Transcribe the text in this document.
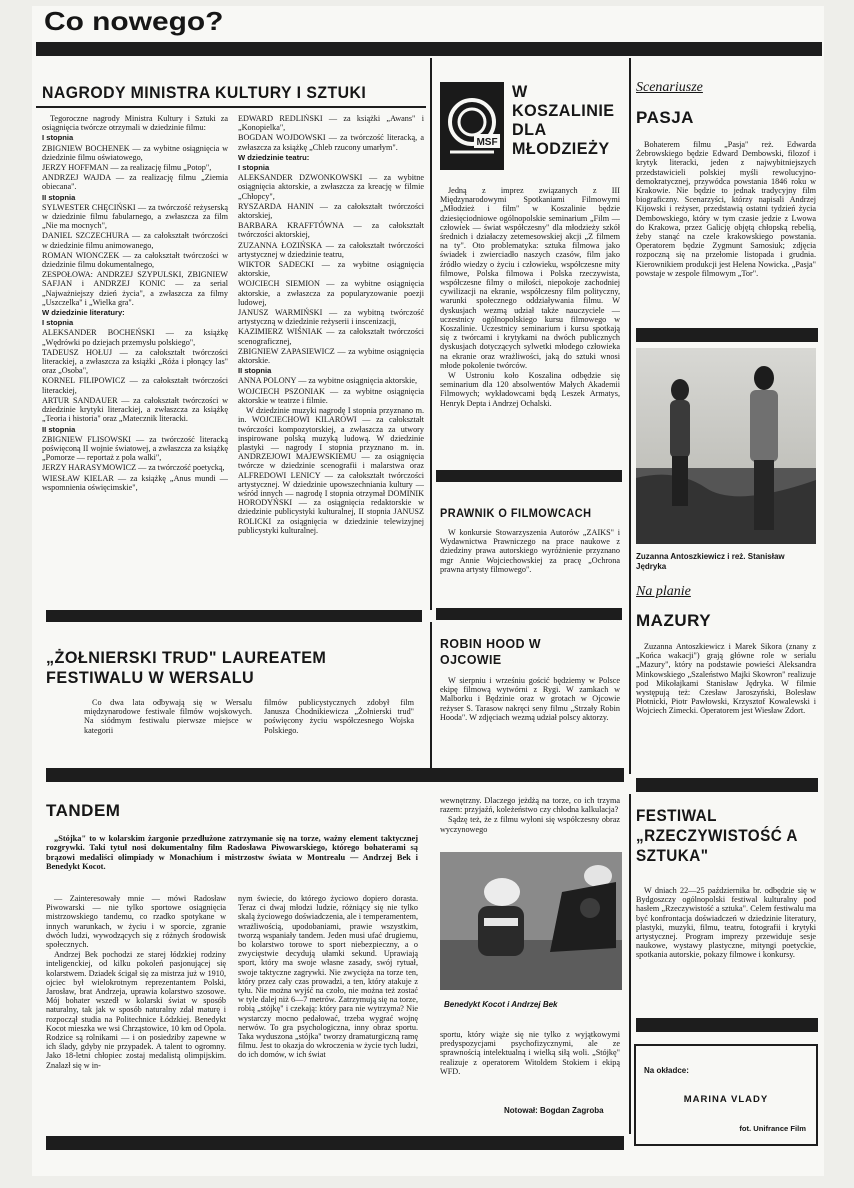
Co nowego?
NAGRODY MINISTRA KULTURY I SZTUKI

Tegoroczne nagrody Ministra Kultury i Sztuki za osiągnięcia twórcze otrzymali w dziedzinie filmu:

I stopnia

ZBIGNIEW BOCHENEK — za wybitne osiągnięcia w dziedzinie filmu oświatowego,

JERZY HOFFMAN — za realizację filmu „Potop",

ANDRZEJ WAJDA — za realizację filmu „Ziemia obiecana".

II stopnia

SYLWESTER CHĘCIŃSKI — za twórczość reżyserską w dziedzinie filmu fabularnego, a zwłaszcza za film „Nie ma mocnych",

DANIEL SZCZECHURA — za całokształt twórczości w dziedzinie filmu animowanego,

ROMAN WIONCZEK — za całokształt twórczości w dziedzinie filmu dokumentalnego,

ZESPOŁOWA: ANDRZEJ SZYPULSKI, ZBIGNIEW SAFJAN i ANDRZEJ KONIC — za serial „Najważniejszy dzień życia", a zwłaszcza za filmy „Uszczelka" i „Wielka gra".

W dziedzinie literatury:

I stopnia

ALEKSANDER BOCHEŃSKI — za książkę „Wędrówki po dziejach przemysłu polskiego",

TADEUSZ HOŁUJ — za całokształt twórczości literackiej, a zwłaszcza za książki „Róża i płonący las" oraz „Osoba",

KORNEL FILIPOWICZ — za całokształt twórczości literackiej,

ARTUR SANDAUER — za całokształt twórczości w dziedzinie krytyki literackiej, a zwłaszcza za książkę „Teoria i historia" oraz „Matecznik literacki.

II stopnia

ZBIGNIEW FLISOWSKI — za twórczość literacką poświęconą II wojnie światowej, a zwłaszcza za książkę „Pomorze — reportaż z pola walki",

JERZY HARASYMOWICZ — za twórczość poetycką,

WIESŁAW KIELAR — za książkę „Anus mundi — wspomnienia oświęcimskie",

EDWARD REDLIŃSKI — za książki „Awans" i „Konopielka",

BOGDAN WOJDOWSKI — za twórczość literacką, a zwłaszcza za książkę „Chleb rzucony umarłym".

W dziedzinie teatru:

I stopnia

ALEKSANDER DZWONKOWSKI — za wybitne osiągnięcia aktorskie, a zwłaszcza za kreację w filmie „Chłopcy",

RYSZARDA HANIN — za całokształt twórczości aktorskiej,

BARBARA KRAFFTÓWNA — za całokształt twórczości aktorskiej,

ZUZANNA ŁOZIŃSKA — za całokształt twórczości artystycznej w dziedzinie teatru,

WIKTOR SADECKI — za wybitne osiągnięcia aktorskie,

WOJCIECH SIEMION — za wybitne osiągnięcia aktorskie, a zwłaszcza za popularyzowanie poezji ludowej,

JANUSZ WARMIŃSKI — za wybitną twórczość artystyczną w dziedzinie reżyserii i inscenizacji,

KAZIMIERZ WIŚNIAK — za całokształt twórczości scenograficznej,

ZBIGNIEW ZAPASIEWICZ — za wybitne osiągnięcia aktorskie.

II stopnia

ANNA POLONY — za wybitne osiągnięcia aktorskie,

WOJCIECH PSZONIAK — za wybitne osiągnięcia aktorskie w teatrze i filmie.

W dziedzinie muzyki nagrodę I stopnia przyznano m. in. WOJCIECHOWI KILAROWI — za całokształt twórczości kompozytorskiej, a zwłaszcza za utwory inspirowane polską muzyką ludową. W dziedzinie plastyki — nagrody I stopnia przyznano m. in. ANDRZEJOWI MAJEWSKIEMU — za osiągnięcia twórcze w dziedzinie scenografii i malarstwa oraz ALFREDOWI LENICY — za całokształt twórczości artystycznej. W dziedzinie upowszechniania kultury — wśród innych — nagrodę I stopnia otrzymał DOMINIK HORODYŃSKI — za osiągnięcia redaktorskie w dziedzinie publicystyki kulturalnej, II stopnia JANUSZ ROLICKI za osiągnięcia w dziedzinie telewizyjnej publicystyki kulturalnej.

MSF
W KOSZALINIE DLA MŁODZIEŻY

Jedną z imprez związanych z III Międzynarodowymi Spotkaniami Filmowymi „Młodzież i film" w Koszalinie będzie dziesięciodniowe ogólnopolskie seminarium „Film — człowiek — świat współczesny" dla młodzieży szkół średnich i działaczy zetemesowskiej akcji „Z filmem na ty". Oto problematyka: sztuka filmowa jako świadek i zwierciadło naszych czasów, film jako źródło wiedzy o życiu i człowieku, współczesne mity filmowe, Polska filmowa i Polska rzeczywista, współczesne filmy o miłości, niepokoje zachodniej cywilizacji na ekranie, współczesny film polityczny, warunki społecznego oddziaływania filmu. W dyskusjach wezmą udział także nauczyciele — uczestnicy ogólnopolskiego kursu filmowego w Koszalinie. Uczestnicy seminarium i kursu spotkają się z twórcami i krytykami na dwóch publicznych dyskusjach dotyczących sylwetki młodego człowieka na ekranie oraz wrażliwości, jaką do sztuki wnosi młode pokolenie twórców.

W Ustroniu koło Koszalina odbędzie się seminarium dla 120 absolwentów Małych Akademii Filmowych; wykładowcami będą Leszek Armatys, Henryk Depta i Andrzej Ochalski.

PRAWNIK O FILMOWCACH

W konkursie Stowarzyszenia Autorów „ZAIKS" i Wydawnictwa Prawniczego na prace naukowe z dziedziny prawa autorskiego wyróżnienie przyznano mgr Annie Wojciechowskiej za pracę „Ochrona prawna artysty filmowego".

Scenariusze
PASJA

Bohaterem filmu „Pasja" reż. Edwarda Żebrowskiego będzie Edward Dembowski, filozof i krytyk literacki, jeden z najwybitniejszych przedstawicieli polskiej myśli rewolucyjno-demokratycznej, przywódca powstania 1846 roku w Krakowie. Nie będzie to jednak tradycyjny film biograficzny. Scenarzyści, którzy napisali Andrzej Kijowski i reżyser, przedstawią ostatni tydzień życia Dembowskiego, który w tym czasie jedzie z Lwowa do Krakowa, przez Galicję objętą chłopską rebelią, żeby stanąć na czele krakowskiego powstania. Operatorem będzie Zygmunt Samosiuk; zdjęcia rozpoczną się na przełomie listopada i grudnia. Kierownikiem produkcji jest Helena Nowicka. „Pasja" powstaje w zespole filmowym „Tor".

Zuzanna Antoszkiewicz i reż. Stanisław Jędryka
Na planie
MAZURY

Zuzanna Antoszkiewicz i Marek Sikora (znany z „Końca wakacji") grają główne role w serialu „Mazury", który na podstawie powieści Aleksandra Minkowskiego „Szaleństwo Majki Skowron" realizuje pod Mikołajkami Stanisław Jędryka. W filmie występują też: Czesław Jaroszyński, Bolesław Płotnicki, Piotr Pawłowski, Krzysztof Kowalewski i Wojciech Zimecki. Operatorem jest Wiesław Zdort.

„ŻOŁNIERSKI TRUD" LAUREATEM FESTIWALU W WERSALU

Co dwa lata odbywają się w Wersalu międzynarodowe festiwale filmów wojskowych. Na siódmym festiwalu pierwsze miejsce w kategorii

filmów publicystycznych zdobył film Janusza Chodnikiewicza „Żołnierski trud" poświęcony życiu współczesnego Wojska Polskiego.

ROBIN HOOD W OJCOWIE

W sierpniu i wrześniu gościć będziemy w Polsce ekipę filmową wytwórni z Rygi. W zamkach w Malborku i Będzinie oraz w grotach w Ojcowie reżyser S. Tarasow nakręci seny filmu „Strzały Robin Hooda". W zdjęciach wezmą udział polscy aktorzy.

TANDEM

„Stójka" to w kolarskim żargonie przedłużone zatrzymanie się na torze, ważny element taktycznej rozgrywki. Taki tytuł nosi dokumentalny film Radosława Piwowarskiego, którego bohaterami są brązowi medaliści olimpiady w Monachium i mistrzostw świata w Montrealu — Andrzej Bek i Benedykt Kocot.

— Zainteresowały mnie — mówi Radosław Piwowarski — nie tylko sportowe osiągnięcia mistrzowskiego tandemu, co rzadko spotykane w innych warunkach, w życiu i w sporcie, zgranie dwóch ludzi, wywodzących się z różnych środowisk społecznych.

Andrzej Bek pochodzi ze starej łódzkiej rodziny inteligenckiej, od kilku pokoleń pasjonującej się kolarstwem. Dziadek ścigał się za mistrza już w 1910, ojciec był wielokrotnym reprezentantem Polski, Jarosław, brat Andrzeja, uprawia kolarstwo szosowe. Mój bohater wszedł w kolarski świat w sposób naturalny, tak jak w sposób naturalny zdał maturę i rozpoczął studia na Politechnice Łódzkiej. Benedykt Kocot mieszka we wsi Chrząstowice, 10 km od Opola. Rodzice są rolnikami — i on posiedziby zapewne w ich ślady, gdyby nie przypadek. A talent to ogromny. Jako 18-letni chłopiec zostaj medalistą olimpijskim. Znalazł się w in-

nym świecie, do którego życiowo dopiero dorasta. Teraz ci dwaj młodzi ludzie, różniący się nie tylko skalą życiowego doświadczenia, ale i temperamentem, wrażliwością, upodobaniami, prawie wszystkim, tworzą wspaniały tandem. Jeden musi ufać drugiemu, bo kolarstwo torowe to sport niebezpieczny, a o zwycięstwie decydują ułamki sekund. Uprawiają sport, który ma swoje własne zasady, swój rytuał, swoje taktyczne zagrywki. Nie zwycięża na torze ten, który przez cały czas prowadzi, a ten, który atakuje z tyłu. Nie można wyjść na czoło, nie można też zostać w tyle dalej niż 6—7 metrów. Zatrzymują się na torze, robią „stójkę" i czekają: który para nie wytrzyma? Nie wystarczy mocno pedałować, trzeba wygrać wojnę nerwów. To gra psychologiczna, inny obraz sportu. Taka wyduszona „stójka" tworzy dramaturgiczną ramę filmu. Jest to okazja do wkroczenia w życie tych ludzi, do ich domów, w ich świat

wewnętrzny. Dlaczego jeżdżą na torze, co ich trzyma razem: przyjaźń, koleżeństwo czy chłodna kalkulacja?

Sądzę też, że z filmu wyłoni się współczesny obraz wyczynowego

Benedykt Kocot i Andrzej Bek

sportu, który wiąże się nie tylko z wyjątkowymi predyspozycjami psychofizycznymi, ale ze sprawnością intelektualną i wielką siłą woli. „Stójkę" realizuje z operatorem Witoldem Stokiem i ekipą WFD.

Notował: Bogdan Zagroba
FESTIWAL „RZECZYWISTOŚĆ A SZTUKA"

W dniach 22—25 października br. odbędzie się w Bydgoszczy ogólnopolski festiwal kulturalny pod hasłem „Rzeczywistość a sztuka". Celem festiwalu ma być konfrontacja doświadczeń w dziedzinie literatury, plastyki, muzyki, filmu, teatru, fotografii i krytyki artystycznej. Program imprezy przewiduje sesje naukowe, wystawy plastyczne, mityngi poetyckie, spotkania autorskie, pokazy filmowe i konkursy.

Na okładce:
MARINA VLADY
fot. Unifrance Film
